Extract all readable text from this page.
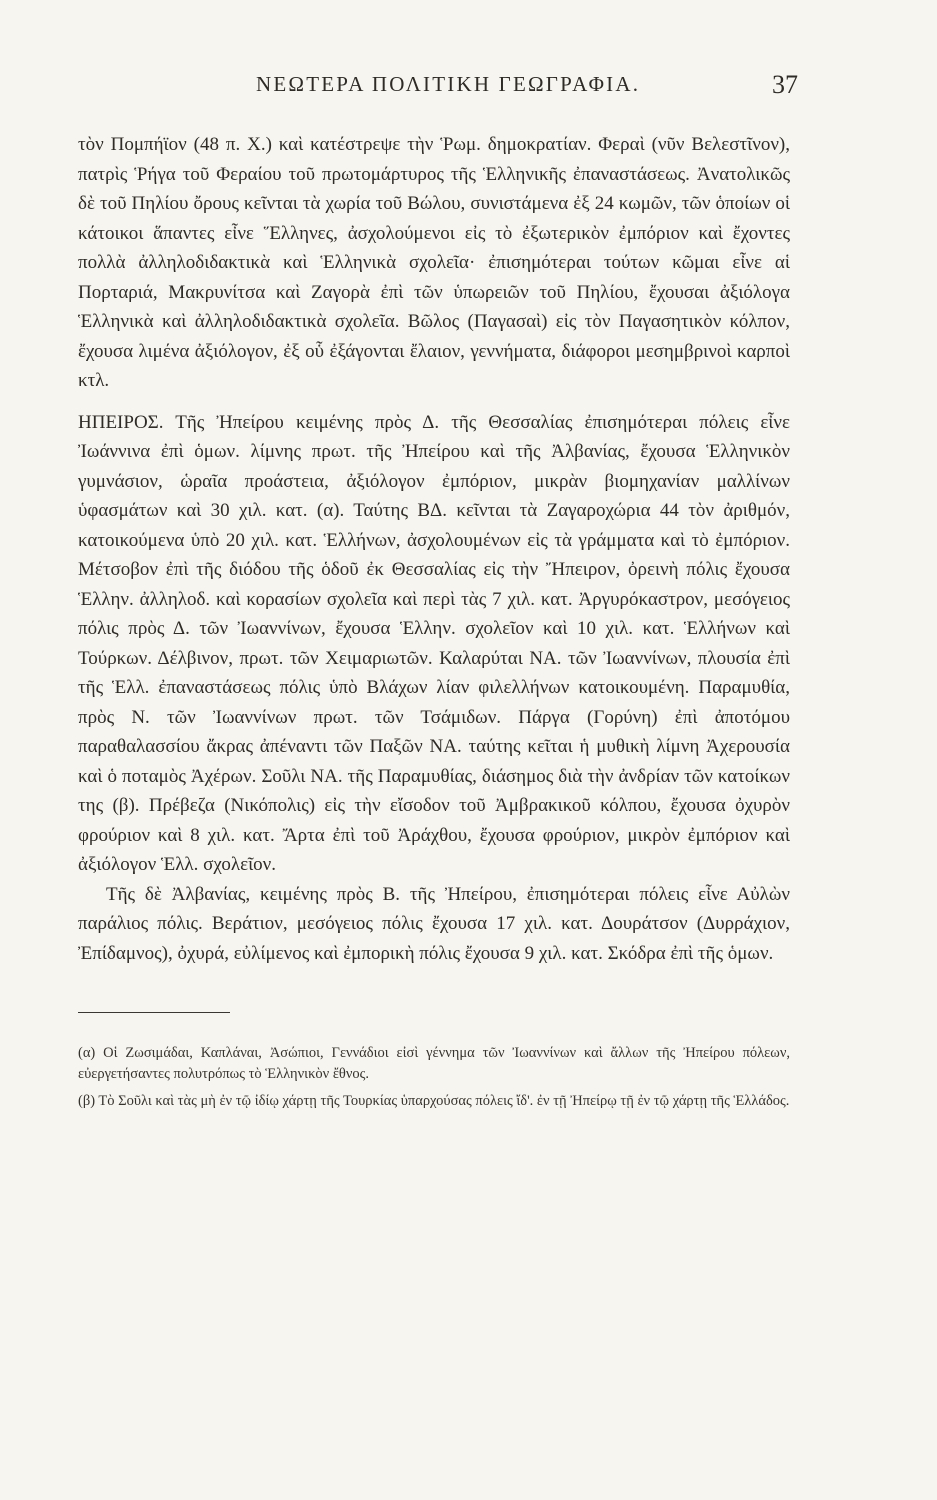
ΝΕΩΤΕΡΑ ΠΟΛΙΤΙΚΗ ΓΕΩΓΡΑΦΙΑ.	37

τὸν Πομπήϊον (48 π. Χ.) καὶ κατέστρεψε τὴν Ῥωμ. δημοκρατίαν. Φεραὶ (νῦν Βελεστῖνον), πατρὶς Ῥήγα τοῦ Φεραίου τοῦ πρωτομάρτυρος τῆς Ἑλληνικῆς ἐπαναστάσεως. Ἀνατολικῶς δὲ τοῦ Πηλίου ὄρους κεῖνται τὰ χωρία τοῦ Βώλου, συνιστάμενα ἐξ 24 κωμῶν, τῶν ὁποίων οἱ κάτοικοι ἅπαντες εἶνε Ἕλληνες, ἀσχολούμενοι εἰς τὸ ἐξωτερικὸν ἐμπόριον καὶ ἔχοντες πολλὰ ἀλληλοδιδακτικὰ καὶ Ἑλληνικὰ σχολεῖα· ἐπισημότεραι τούτων κῶμαι εἶνε αἱ Πορταριά, Μακρυνίτσα καὶ Ζαγορὰ ἐπὶ τῶν ὑπωρειῶν τοῦ Πηλίου, ἔχουσαι ἀξιόλογα Ἑλληνικὰ καὶ ἀλληλοδιδακτικὰ σχολεῖα. Βῶλος (Παγασαὶ) εἰς τὸν Παγασητικὸν κόλπον, ἔχουσα λιμένα ἀξιόλογον, ἐξ οὗ ἐξάγονται ἔλαιον, γεννήματα, διάφοροι μεσημβρινοὶ καρποὶ κτλ.

ΗΠΕΙΡΟΣ. Τῆς Ἠπείρου κειμένης πρὸς Δ. τῆς Θεσσαλίας ἐπισημότεραι πόλεις εἶνε Ἰωάννινα ἐπὶ ὁμων. λίμνης πρωτ. τῆς Ἠπείρου καὶ τῆς Ἀλβανίας, ἔχουσα Ἑλληνικὸν γυμνάσιον, ὡραῖα προάστεια, ἀξιόλογον ἐμπόριον, μικρὰν βιομηχανίαν μαλλίνων ὑφασμάτων καὶ 30 χιλ. κατ. (α). Ταύτης ΒΔ. κεῖνται τὰ Ζαγαροχώρια 44 τὸν ἀριθμόν, κατοικούμενα ὑπὸ 20 χιλ. κατ. Ἑλλήνων, ἀσχολουμένων εἰς τὰ γράμματα καὶ τὸ ἐμπόριον. Μέτσοβον ἐπὶ τῆς διόδου τῆς ὁδοῦ ἐκ Θεσσαλίας εἰς τὴν Ἤπειρον, ὀρεινὴ πόλις ἔχουσα Ἑλλην. ἀλληλοδ. καὶ κορασίων σχολεῖα καὶ περὶ τὰς 7 χιλ. κατ. Ἀργυρόκαστρον, μεσόγειος πόλις πρὸς Δ. τῶν Ἰωαννίνων, ἔχουσα Ἑλλην. σχολεῖον καὶ 10 χιλ. κατ. Ἑλλήνων καὶ Τούρκων. Δέλβινον, πρωτ. τῶν Χειμαριωτῶν. Καλαρύται ΝΑ. τῶν Ἰωαννίνων, πλουσία ἐπὶ τῆς Ἑλλ. ἐπαναστάσεως πόλις ὑπὸ Βλάχων λίαν φιλελλήνων κατοικουμένη. Παραμυθία, πρὸς Ν. τῶν Ἰωαννίνων πρωτ. τῶν Τσάμιδων. Πάργα (Γορύνη) ἐπὶ ἀποτόμου παραθαλασσίου ἄκρας ἀπέναντι τῶν Παξῶν ΝΑ. ταύτης κεῖται ἡ μυθικὴ λίμνη Ἀχερουσία καὶ ὁ ποταμὸς Ἀχέρων. Σοῦλι ΝΑ. τῆς Παραμυθίας, διάσημος διὰ τὴν ἀνδρίαν τῶν κατοίκων της (β). Πρέβεζα (Νικόπολις) εἰς τὴν εἴσοδον τοῦ Ἀμβρακικοῦ κόλπου, ἔχουσα ὀχυρὸν φρούριον καὶ 8 χιλ. κατ. Ἄρτα ἐπὶ τοῦ Ἀράχθου, ἔχουσα φρούριον, μικρὸν ἐμπόριον καὶ ἀξιόλογον Ἑλλ. σχολεῖον.

Τῆς δὲ Ἀλβανίας, κειμένης πρὸς Β. τῆς Ἠπείρου, ἐπισημότεραι πόλεις εἶνε Αὐλὼν παράλιος πόλις. Βεράτιον, μεσόγειος πόλις ἔχουσα 17 χιλ. κατ. Δουράτσον (Δυρράχιον, Ἐπίδαμνος), ὀχυρά, εὐλίμενος καὶ ἐμπορικὴ πόλις ἔχουσα 9 χιλ. κατ. Σκόδρα ἐπὶ τῆς ὁμων.

(α) Οἱ Ζωσιμάδαι, Καπλάναι, Ἀσώπιοι, Γεννάδιοι εἰσὶ γέννημα τῶν Ἰωαννίνων καὶ ἄλλων τῆς Ἠπείρου πόλεων, εὐεργετήσαντες πολυτρόπως τὸ Ἑλληνικὸν ἔθνος.

(β) Τὸ Σοῦλι καὶ τὰς μὴ ἐν τῷ ἰδίῳ χάρτῃ τῆς Τουρκίας ὑπαρχούσας πόλεις ἴδ'. ἐν τῇ Ἠπείρῳ τῇ ἐν τῷ χάρτῃ τῆς Ἑλλάδος.
